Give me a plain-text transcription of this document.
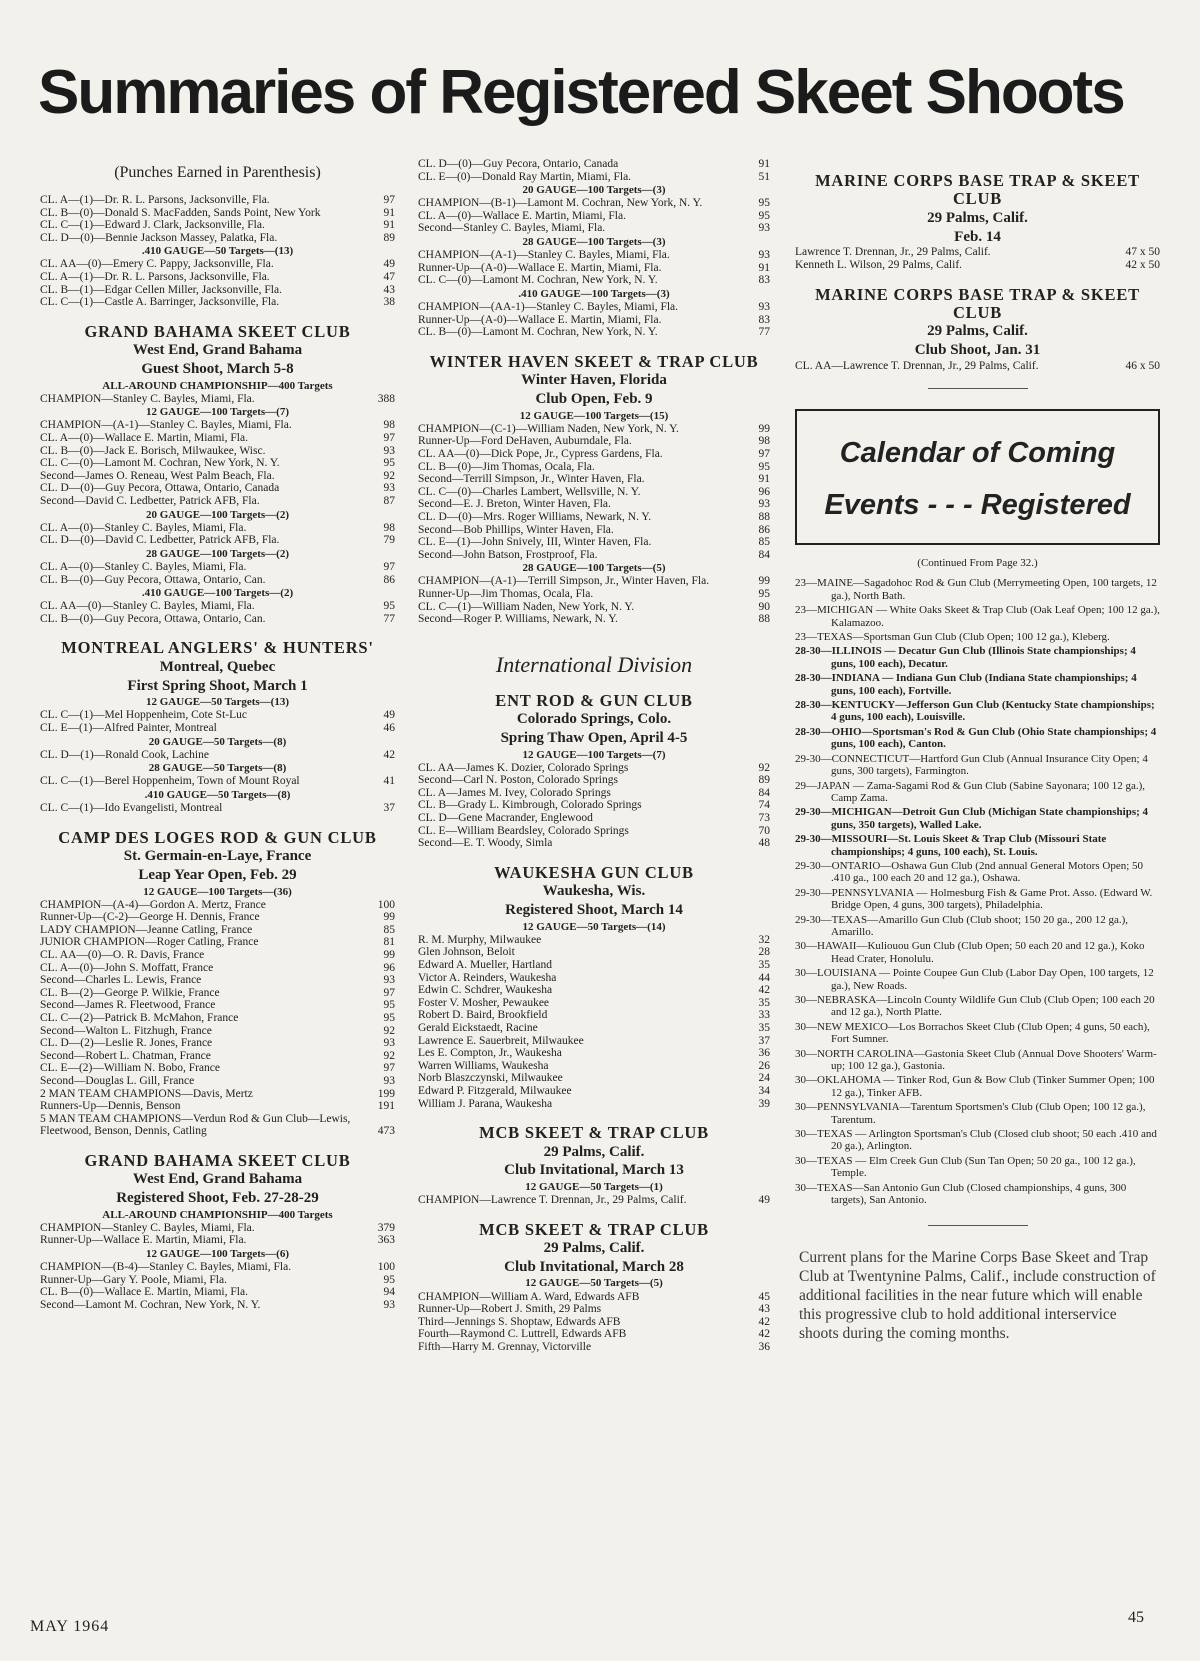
Summaries of Registered Skeet Shoots
(Punches Earned in Parenthesis)
CL. A—(1)—Dr. R. L. Parsons, Jacksonville, Fla.	97
CL. B—(0)—Donald S. MacFadden, Sands Point, New York	91
CL. C—(1)—Edward J. Clark, Jacksonville, Fla.	91
CL. D—(0)—Bennie Jackson Massey, Palatka, Fla.	89
.410 GAUGE—50 Targets—(13)
CL. AA—(0)—Emery C. Pappy, Jacksonville, Fla.	49
CL. A—(1)—Dr. R. L. Parsons, Jacksonville, Fla.	47
CL. B—(1)—Edgar Cellen Miller, Jacksonville, Fla.	43
CL. C—(1)—Castle A. Barringer, Jacksonville, Fla.	38
GRAND BAHAMA SKEET CLUB
West End, Grand Bahama
Guest Shoot, March 5-8
ALL-AROUND CHAMPIONSHIP—400 Targets
CHAMPION—Stanley C. Bayles, Miami, Fla.	388
12 GAUGE—100 Targets—(7)
CHAMPION—(A-1)—Stanley C. Bayles, Miami, Fla.	98
CL. A—(0)—Wallace E. Martin, Miami, Fla.	97
CL. B—(0)—Jack E. Borisch, Milwaukee, Wisc.	93
CL. C—(0)—Lamont M. Cochran, New York, N. Y.	95
Second—James O. Reneau, West Palm Beach, Fla.	92
CL. D—(0)—Guy Pecora, Ottawa, Ontario, Canada	93
Second—David C. Ledbetter, Patrick AFB, Fla.	87
20 GAUGE—100 Targets—(2)
CL. A—(0)—Stanley C. Bayles, Miami, Fla.	98
CL. D—(0)—David C. Ledbetter, Patrick AFB, Fla.	79
28 GAUGE—100 Targets—(2)
CL. A—(0)—Stanley C. Bayles, Miami, Fla.	97
CL. B—(0)—Guy Pecora, Ottawa, Ontario, Can.	86
.410 GAUGE—100 Targets—(2)
CL. AA—(0)—Stanley C. Bayles, Miami, Fla.	95
CL. B—(0)—Guy Pecora, Ottawa, Ontario, Can.	77
MONTREAL ANGLERS' & HUNTERS'
Montreal, Quebec
First Spring Shoot, March 1
12 GAUGE—50 Targets—(13)
CL. C—(1)—Mel Hoppenheim, Cote St-Luc	49
CL. E—(1)—Alfred Painter, Montreal	46
20 GAUGE—50 Targets—(8)
CL. D—(1)—Ronald Cook, Lachine	42
28 GAUGE—50 Targets—(8)
CL. C—(1)—Berel Hoppenheim, Town of Mount Royal	41
.410 GAUGE—50 Targets—(8)
CL. C—(1)—Ido Evangelisti, Montreal	37
CAMP DES LOGES ROD & GUN CLUB
St. Germain-en-Laye, France
Leap Year Open, Feb. 29
12 GAUGE—100 Targets—(36)
CHAMPION—(A-4)—Gordon A. Mertz, France	100
Runner-Up—(C-2)—George H. Dennis, France	99
LADY CHAMPION—Jeanne Catling, France	85
JUNIOR CHAMPION—Roger Catling, France	81
CL. AA—(0)—O. R. Davis, France	99
CL. A—(0)—John S. Moffatt, France	96
Second—Charles L. Lewis, France	93
CL. B—(2)—George P. Wilkie, France	97
Second—James R. Fleetwood, France	95
CL. C—(2)—Patrick B. McMahon, France	95
Second—Walton L. Fitzhugh, France	92
CL. D—(2)—Leslie R. Jones, France	93
Second—Robert L. Chatman, France	92
CL. E—(2)—William N. Bobo, France	97
Second—Douglas L. Gill, France	93
2 MAN TEAM CHAMPIONS—Davis, Mertz	199
Runners-Up—Dennis, Benson	191
5 MAN TEAM CHAMPIONS—Verdun Rod & Gun Club—Lewis, Fleetwood, Benson, Dennis, Catling	473
GRAND BAHAMA SKEET CLUB
West End, Grand Bahama
Registered Shoot, Feb. 27-28-29
ALL-AROUND CHAMPIONSHIP—400 Targets
CHAMPION—Stanley C. Bayles, Miami, Fla.	379
Runner-Up—Wallace E. Martin, Miami, Fla.	363
12 GAUGE—100 Targets—(6)
CHAMPION—(B-4)—Stanley C. Bayles, Miami, Fla.	100
Runner-Up—Gary Y. Poole, Miami, Fla.	95
CL. B—(0)—Wallace E. Martin, Miami, Fla.	94
Second—Lamont M. Cochran, New York, N. Y.	93
CL. D—(0)—Guy Pecora, Ontario, Canada	91
CL. E—(0)—Donald Ray Martin, Miami, Fla.	51
20 GAUGE—100 Targets—(3)
CHAMPION—(B-1)—Lamont M. Cochran, New York, N. Y.	95
CL. A—(0)—Wallace E. Martin, Miami, Fla.	95
Second—Stanley C. Bayles, Miami, Fla.	93
28 GAUGE—100 Targets—(3)
CHAMPION—(A-1)—Stanley C. Bayles, Miami, Fla.	93
Runner-Up—(A-0)—Wallace E. Martin, Miami, Fla.	91
CL. C—(0)—Lamont M. Cochran, New York, N. Y.	83
.410 GAUGE—100 Targets—(3)
CHAMPION—(AA-1)—Stanley C. Bayles, Miami, Fla.	93
Runner-Up—(A-0)—Wallace E. Martin, Miami, Fla.	83
CL. B—(0)—Lamont M. Cochran, New York, N. Y.	77
WINTER HAVEN SKEET & TRAP CLUB
Winter Haven, Florida
Club Open, Feb. 9
12 GAUGE—100 Targets—(15)
CHAMPION—(C-1)—William Naden, New York, N. Y.	99
Runner-Up—Ford DeHaven, Auburndale, Fla.	98
CL. AA—(0)—Dick Pope, Jr., Cypress Gardens, Fla.	97
CL. B—(0)—Jim Thomas, Ocala, Fla.	95
Second—Terrill Simpson, Jr., Winter Haven, Fla.	91
CL. C—(0)—Charles Lambert, Wellsville, N. Y.	96
Second—E. J. Breton, Winter Haven, Fla.	93
CL. D—(0)—Mrs. Roger Williams, Newark, N. Y.	88
Second—Bob Phillips, Winter Haven, Fla.	86
CL. E—(1)—John Snively, III, Winter Haven, Fla.	85
Second—John Batson, Frostproof, Fla.	84
28 GAUGE—100 Targets—(5)
CHAMPION—(A-1)—Terrill Simpson, Jr., Winter Haven, Fla.	99
Runner-Up—Jim Thomas, Ocala, Fla.	95
CL. C—(1)—William Naden, New York, N. Y.	90
Second—Roger P. Williams, Newark, N. Y.	88
International Division
ENT ROD & GUN CLUB
Colorado Springs, Colo.
Spring Thaw Open, April 4-5
12 GAUGE—100 Targets—(7)
CL. AA—James K. Dozier, Colorado Springs	92
Second—Carl N. Poston, Colorado Springs	89
CL. A—James M. Ivey, Colorado Springs	84
CL. B—Grady L. Kimbrough, Colorado Springs	74
CL. D—Gene Macrander, Englewood	73
CL. E—William Beardsley, Colorado Springs	70
Second—E. T. Woody, Simla	48
WAUKESHA GUN CLUB
Waukesha, Wis.
Registered Shoot, March 14
12 GAUGE—50 Targets—(14)
R. M. Murphy, Milwaukee	32
Glen Johnson, Beloit	28
Edward A. Mueller, Hartland	35
Victor A. Reinders, Waukesha	44
Edwin C. Schdrer, Waukesha	42
Foster V. Mosher, Pewaukee	35
Robert D. Baird, Brookfield	33
Gerald Eickstaedt, Racine	35
Lawrence E. Sauerbreit, Milwaukee	37
Les E. Compton, Jr., Waukesha	36
Warren Williams, Waukesha	26
Norb Blaszczynski, Milwaukee	24
Edward P. Fitzgerald, Milwaukee	34
William J. Parana, Waukesha	39
MCB SKEET & TRAP CLUB
29 Palms, Calif.
Club Invitational, March 13
12 GAUGE—50 Targets—(1)
CHAMPION—Lawrence T. Drennan, Jr., 29 Palms, Calif.	49
MCB SKEET & TRAP CLUB
29 Palms, Calif.
Club Invitational, March 28
12 GAUGE—50 Targets—(5)
CHAMPION—William A. Ward, Edwards AFB	45
Runner-Up—Robert J. Smith, 29 Palms	43
Third—Jennings S. Shoptaw, Edwards AFB	42
Fourth—Raymond C. Luttrell, Edwards AFB	42
Fifth—Harry M. Grennay, Victorville	36
MARINE CORPS BASE TRAP & SKEET CLUB
29 Palms, Calif.
Feb. 14
Lawrence T. Drennan, Jr., 29 Palms, Calif.	47 x 50
Kenneth L. Wilson, 29 Palms, Calif.	42 x 50
MARINE CORPS BASE TRAP & SKEET CLUB
29 Palms, Calif.
Club Shoot, Jan. 31
CL. AA—Lawrence T. Drennan, Jr., 29 Palms, Calif.	46 x 50
Calendar of Coming
Events - - - Registered
(Continued From Page 32.)
23—MAINE—Sagadohoc Rod & Gun Club (Merrymeeting Open, 100 targets, 12 ga.), North Bath.
23—MICHIGAN — White Oaks Skeet & Trap Club (Oak Leaf Open; 100 12 ga.), Kalamazoo.
23—TEXAS—Sportsman Gun Club (Club Open; 100 12 ga.), Kleberg.
28-30—ILLINOIS — Decatur Gun Club (Illinois State championships; 4 guns, 100 each), Decatur.
28-30—INDIANA — Indiana Gun Club (Indiana State championships; 4 guns, 100 each), Fortville.
28-30—KENTUCKY—Jefferson Gun Club (Kentucky State championships; 4 guns, 100 each), Louisville.
28-30—OHIO—Sportsman's Rod & Gun Club (Ohio State championships; 4 guns, 100 each), Canton.
29-30—CONNECTICUT—Hartford Gun Club (Annual Insurance City Open; 4 guns, 300 targets), Farmington.
29—JAPAN — Zama-Sagami Rod & Gun Club (Sabine Sayonara; 100 12 ga.), Camp Zama.
29-30—MICHIGAN—Detroit Gun Club (Michigan State championships; 4 guns, 350 targets), Walled Lake.
29-30—MISSOURI—St. Louis Skeet & Trap Club (Missouri State championships; 4 guns, 100 each), St. Louis.
29-30—ONTARIO—Oshawa Gun Club (2nd annual General Motors Open; 50 .410 ga., 100 each 20 and 12 ga.), Oshawa.
29-30—PENNSYLVANIA — Holmesburg Fish & Game Prot. Asso. (Edward W. Bridge Open, 4 guns, 300 targets), Philadelphia.
29-30—TEXAS—Amarillo Gun Club (Club shoot; 150 20 ga., 200 12 ga.), Amarillo.
30—HAWAII—Kuliouou Gun Club (Club Open; 50 each 20 and 12 ga.), Koko Head Crater, Honolulu.
30—LOUISIANA — Pointe Coupee Gun Club (Labor Day Open, 100 targets, 12 ga.), New Roads.
30—NEBRASKA—Lincoln County Wildlife Gun Club (Club Open; 100 each 20 and 12 ga.), North Platte.
30—NEW MEXICO—Los Borrachos Skeet Club (Club Open; 4 guns, 50 each), Fort Sumner.
30—NORTH CAROLINA—Gastonia Skeet Club (Annual Dove Shooters' Warm-up; 100 12 ga.), Gastonia.
30—OKLAHOMA — Tinker Rod, Gun & Bow Club (Tinker Summer Open; 100 12 ga.), Tinker AFB.
30—PENNSYLVANIA—Tarentum Sportsmen's Club (Club Open; 100 12 ga.), Tarentum.
30—TEXAS — Arlington Sportsman's Club (Closed club shoot; 50 each .410 and 20 ga.), Arlington.
30—TEXAS — Elm Creek Gun Club (Sun Tan Open; 50 20 ga., 100 12 ga.), Temple.
30—TEXAS—San Antonio Gun Club (Closed championships, 4 guns, 300 targets), San Antonio.
Current plans for the Marine Corps Base Skeet and Trap Club at Twentynine Palms, Calif., include construction of additional facilities in the near future which will enable this progressive club to hold additional interservice shoots during the coming months.
MAY 1964
45
